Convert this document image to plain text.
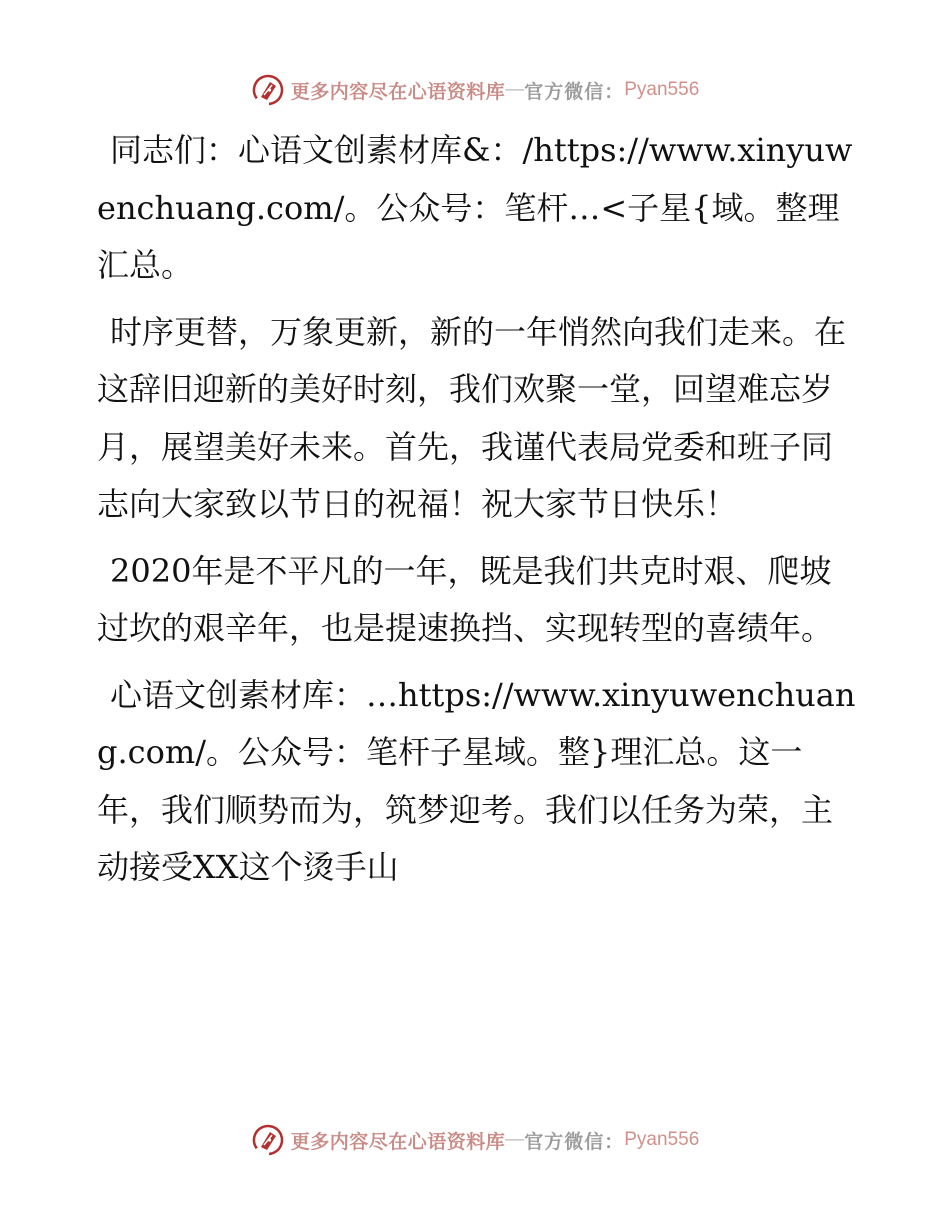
更多内容尽在心语资料库 — 官方微信： Pyan556

同志们：心语文创素材库&：/https://www.xinyuwenchuang.com/。公众号：笔杆…<子星{域。整理汇总。

时序更替，万象更新，新的一年悄然向我们走来。在这辞旧迎新的美好时刻，我们欢聚一堂，回望难忘岁月，展望美好未来。首先，我谨代表局党委和班子同志向大家致以节日的祝福！祝大家节日快乐！

2020年是不平凡的一年，既是我们共克时艰、爬坡过坎的艰辛年，也是提速换挡、实现转型的喜绩年。

心语文创素材库：…https://www.xinyuwenchuang.com/。公众号：笔杆子星域。整}理汇总。这一年，我们顺势而为，筑梦迎考。我们以任务为荣，主动接受XX这个烫手山

更多内容尽在心语资料库 — 官方微信： Pyan556
